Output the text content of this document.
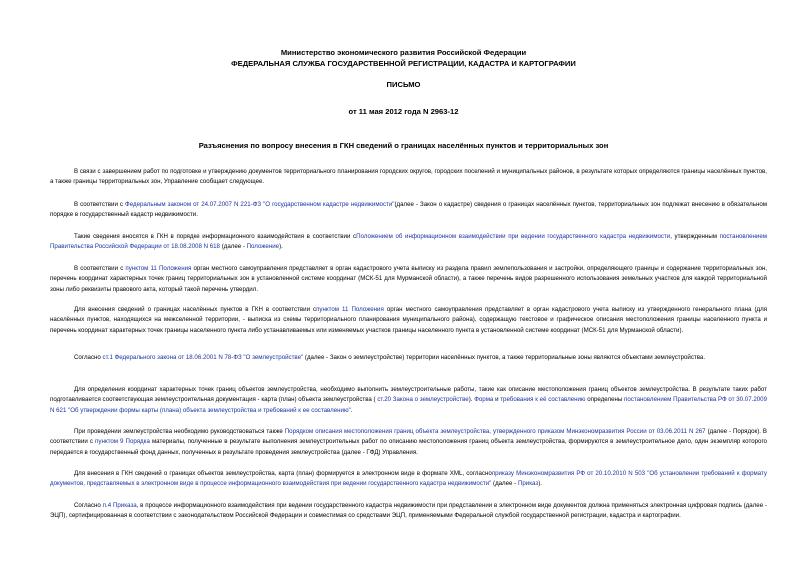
Министерство экономического развития Российской Федерации
ФЕДЕРАЛЬНАЯ СЛУЖБА ГОСУДАРСТВЕННОЙ РЕГИСТРАЦИИ, КАДАСТРА И КАРТОГРАФИИ
ПИСЬМО
от 11 мая 2012 года N 2963-12
Разъяснения по вопросу внесения в ГКН сведений о границах населённых пунктов и территориальных зон

В связи с завершением работ по подготовке и утверждению документов территориального планирования городских округов, городских поселений и муниципальных районов, в результате которых определяются границы населённых пунктов, а также границы территориальных зон, Управление сообщает следующее.

В соответствии с Федеральным законом от 24.07.2007 N 221-ФЗ "О государственном кадастре недвижимости"(далее - Закон о кадастре) сведения о границах населённых пунктов, территориальных зон подлежат внесению в обязательном порядке в государственный кадастр недвижимости.

Такие сведения вносятся в ГКН в порядке информационного взаимодействия в соответствии сПоложением об информационном взаимодействии при ведении государственного кадастра недвижимости, утвержденным постановлением Правительства Российской Федерации от 18.08.2008 N 618 (далее - Положение).

В соответствии с пунктом 11 Положения орган местного самоуправления представляет в орган кадастрового учета выписку из раздела правил землепользования и застройки, определяющего границы и содержание территориальных зон, перечень координат характерных точек границ территориальных зон в установленной системе координат (МСК-51 для Мурманской области), а также перечень видов разрешенного использования земельных участков для каждой территориальной зоны либо реквизиты правового акта, который такой перечень утвердил.

Для внесения сведений о границах населённых пунктов в ГКН в соответствии спунктом 11 Положения орган местного самоуправления представляет в орган кадастрового учета выписку из утвержденного генерального плана (для населённых пунктов, находящихся на межселенной территории, - выписка из схемы территориального планирования муниципального района), содержащую текстовое и графическое описания местоположения границы населенного пункта и перечень координат характерных точек границы населенного пункта либо устанавливаемых или изменяемых участков границы населенного пункта в установленной системе координат (МСК-51 для Мурманской области).

Согласно ст.1 Федерального закона от 18.06.2001 N 78-ФЗ "О землеустройстве" (далее - Закон о землеустройстве) территории населённых пунктов, а также территориальные зоны являются объектами землеустройства.

Для определения координат характерных точек границ объектов землеустройства, необходимо выполнить землеустроительные работы, такие как описание местоположения границ объектов землеустройства. В результате таких работ подготавливается соответствующая землеустроительная документация - карта (план) объекта землеустройства ( ст.20 Закона о землеустройстве). Форма и требования к её составлению определены постановлением Правительства РФ от 30.07.2009 N 621 "Об утверждении формы карты (плана) объекта землеустройства и требований к ее составлению".

При проведении землеустройства необходимо руководствоваться также Порядком описания местоположения границ объекта землеустройства, утвержденного приказом Минэкономразвития России от 03.06.2011 N 267 (далее - Порядок). В соответствии с пунктом 9 Порядка материалы, полученные в результате выполнения землеустроительных работ по описанию местоположения границ объекта землеустройства, формируются в землеустроительное дело, один экземпляр которого передается в государственный фонд данных, полученных в результате проведения землеустройства (далее - ГФД) Управления.

Для внесения в ГКН сведений о границах объектов землеустройства, карта (план) формируется в электронном виде в формате XML, согласноприказу Минэкономразвития РФ от 20.10.2010 N 503 "Об установлении требований к формату документов, представляемых в электронном виде в процессе информационного взаимодействия при ведении государственного кадастра недвижимости" (далее - Приказ).

Согласно п.4 Приказа, в процессе информационного взаимодействия при ведении государственного кадастра недвижимости при представлении в электронном виде документов должна применяться электронная цифровая подпись (далее - ЭЦП), сертифицированная в соответствии с законодательством Российской Федерации и совместимая со средствами ЭЦП, применяемыми Федеральной службой государственной регистрации, кадастра и картографии.
